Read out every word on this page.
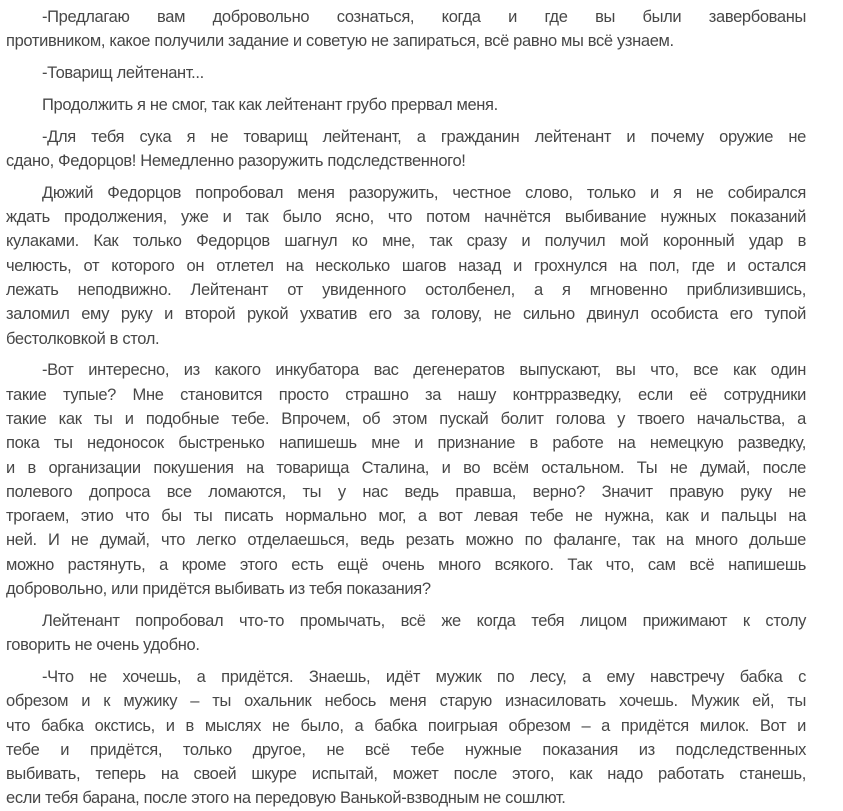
-Предлагаю вам добровольно сознаться, когда и где вы были завербованы
противником, какое получили задание и советую не запираться, всё равно мы всё узнаем.
-Товарищ лейтенант...
Продолжить я не смог, так как лейтенант грубо прервал меня.
-Для тебя сука я не товарищ лейтенант, а гражданин лейтенант и почему оружие не
сдано, Федорцов! Немедленно разоружить подследственного!
Дюжий Федорцов попробовал меня разоружить, честное слово, только и я не собирался
ждать продолжения, уже и так было ясно, что потом начнётся выбивание нужных показаний
кулаками. Как только Федорцов шагнул ко мне, так сразу и получил мой коронный удар в
челюсть, от которого он отлетел на несколько шагов назад и грохнулся на пол, где и остался
лежать неподвижно. Лейтенант от увиденного остолбенел, а я мгновенно приблизившись,
заломил ему руку и второй рукой ухватив его за голову, не сильно двинул особиста его тупой
бестолковкой в стол.
-Вот интересно, из какого инкубатора вас дегенератов выпускают, вы что, все как один
такие тупые? Мне становится просто страшно за нашу контрразведку, если её сотрудники
такие как ты и подобные тебе. Впрочем, об этом пускай болит голова у твоего начальства, а
пока ты недоносок быстренько напишешь мне и признание в работе на немецкую разведку,
и в организации покушения на товарища Сталина, и во всём остальном. Ты не думай, после
полевого допроса все ломаются, ты у нас ведь правша, верно? Значит правую руку не
трогаем, этио что бы ты писать нормально мог, а вот левая тебе не нужна, как и пальцы на
ней. И не думай, что легко отделаешься, ведь резать можно по фаланге, так на много дольше
можно растянуть, а кроме этого есть ещё очень много всякого. Так что, сам всё напишешь
добровольно, или придётся выбивать из тебя показания?
Лейтенант попробовал что-то промычать, всё же когда тебя лицом прижимают к столу
говорить не очень удобно.
-Что не хочешь, а придётся. Знаешь, идёт мужик по лесу, а ему навстречу бабка с
обрезом и к мужику – ты охальник небось меня старую изнасиловать хочешь. Мужик ей, ты
что бабка окстись, и в мыслях не было, а бабка поигрыая обрезом – а придётся милок. Вот и
тебе и придётся, только другое, не всё тебе нужные показания из подследственных
выбивать, теперь на своей шкуре испытай, может после этого, как надо работать станешь,
если тебя барана, после этого на передовую Ванькой-взводным не сошлют.
